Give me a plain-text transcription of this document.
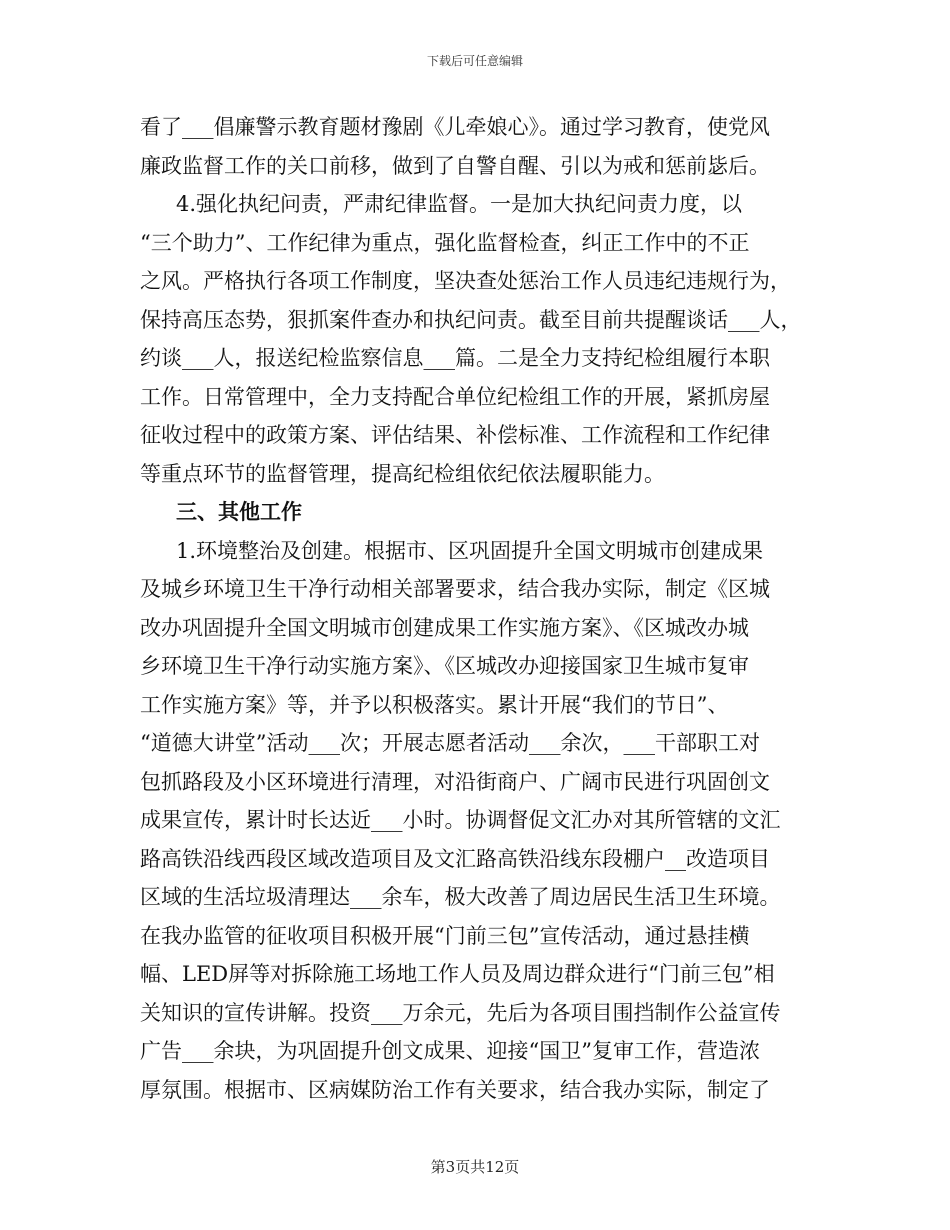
下载后可任意编辑
看了___倡廉警示教育题材豫剧《儿牵娘心》。通过学习教育，使党风
廉政监督工作的关口前移，做到了自警自醒、引以为戒和惩前毖后。
4.强化执纪问责，严肃纪律监督。一是加大执纪问责力度，以
“三个助力”、工作纪律为重点，强化监督检查，纠正工作中的不正
之风。严格执行各项工作制度，坚决查处惩治工作人员违纪违规行为，
保持高压态势，狠抓案件查办和执纪问责。截至目前共提醒谈话___人，
约谈___人，报送纪检监察信息___篇。二是全力支持纪检组履行本职
工作。日常管理中，全力支持配合单位纪检组工作的开展，紧抓房屋
征收过程中的政策方案、评估结果、补偿标准、工作流程和工作纪律
等重点环节的监督管理，提高纪检组依纪依法履职能力。
三、其他工作
1.环境整治及创建。根据市、区巩固提升全国文明城市创建成果
及城乡环境卫生干净行动相关部署要求，结合我办实际，制定《区城
改办巩固提升全国文明城市创建成果工作实施方案》、《区城改办城
乡环境卫生干净行动实施方案》、《区城改办迎接国家卫生城市复审
工作实施方案》等，并予以积极落实。累计开展“我们的节日”、
“道德大讲堂”活动___次；开展志愿者活动___余次，___干部职工对
包抓路段及小区环境进行清理，对沿街商户、广阔市民进行巩固创文
成果宣传，累计时长达近___小时。协调督促文汇办对其所管辖的文汇
路高铁沿线西段区域改造项目及文汇路高铁沿线东段棚户__改造项目
区域的生活垃圾清理达___余车，极大改善了周边居民生活卫生环境。
在我办监管的征收项目积极开展“门前三包”宣传活动，通过悬挂横
幅、LED屏等对拆除施工场地工作人员及周边群众进行“门前三包”相
关知识的宣传讲解。投资___万余元，先后为各项目围挡制作公益宣传
广告___余块，为巩固提升创文成果、迎接“国卫”复审工作，营造浓
厚氛围。根据市、区病媒防治工作有关要求，结合我办实际，制定了
第3页共12页
